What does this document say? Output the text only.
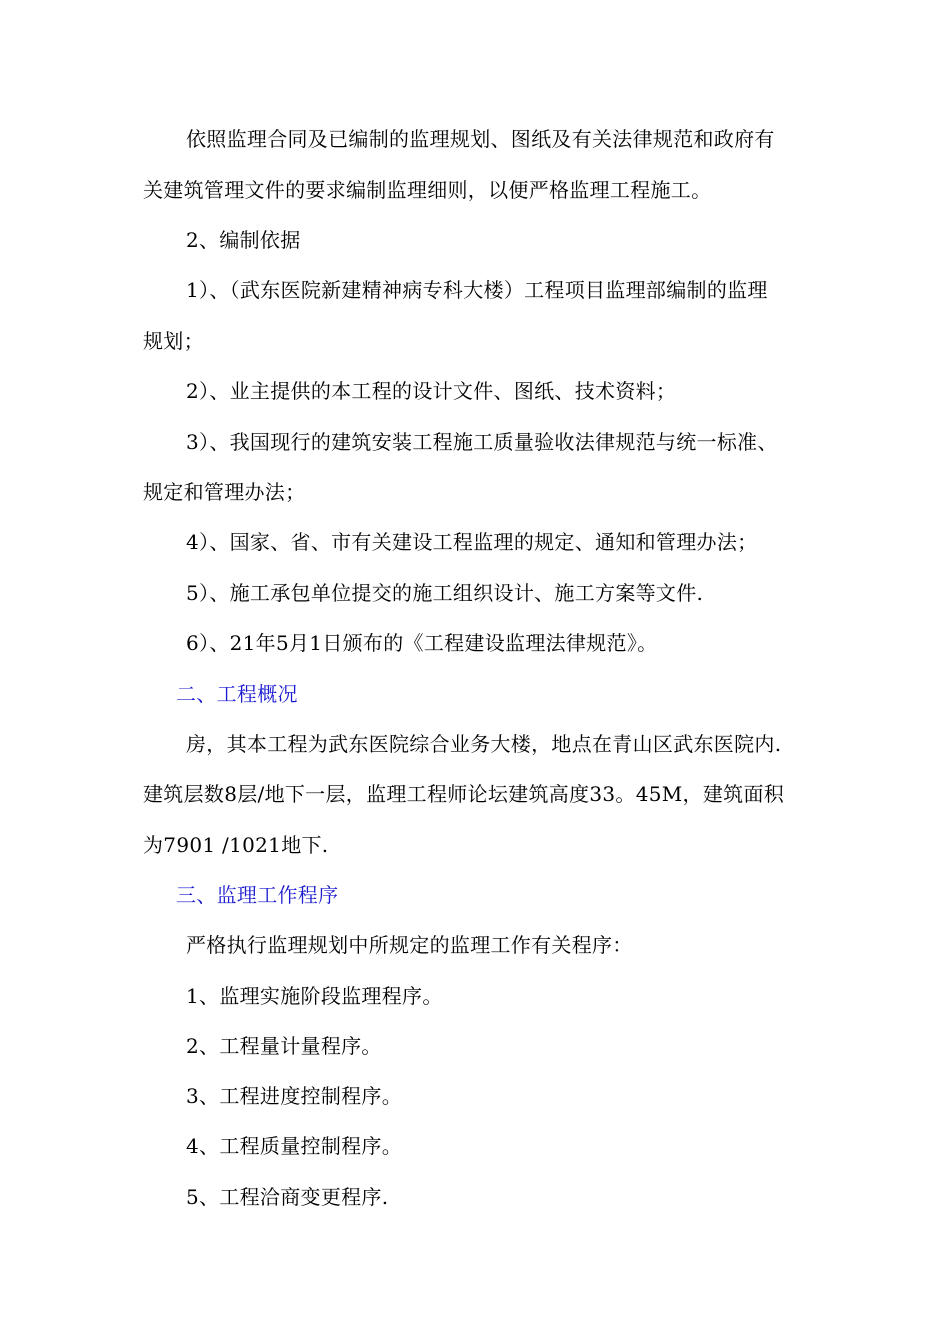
依照监理合同及已编制的监理规划、图纸及有关法律规范和政府有
关建筑管理文件的要求编制监理细则，以便严格监理工程施工。
2、编制依据
1）、（武东医院新建精神病专科大楼）工程项目监理部编制的监理
规划；
2）、业主提供的本工程的设计文件、图纸、技术资料；
3）、我国现行的建筑安装工程施工质量验收法律规范与统一标准、
规定和管理办法；
4）、国家、省、市有关建设工程监理的规定、通知和管理办法；
5）、施工承包单位提交的施工组织设计、施工方案等文件.
6）、21年5月1日颁布的《工程建设监理法律规范》。
二、工程概况
房，其本工程为武东医院综合业务大楼，地点在青山区武东医院内.
建筑层数8层/地下一层，监理工程师论坛建筑高度33。45M，建筑面积
为7901 /1021地下.
三、监理工作程序
严格执行监理规划中所规定的监理工作有关程序：
1、监理实施阶段监理程序。
2、工程量计量程序。
3、工程进度控制程序。
4、工程质量控制程序。
5、工程洽商变更程序.
